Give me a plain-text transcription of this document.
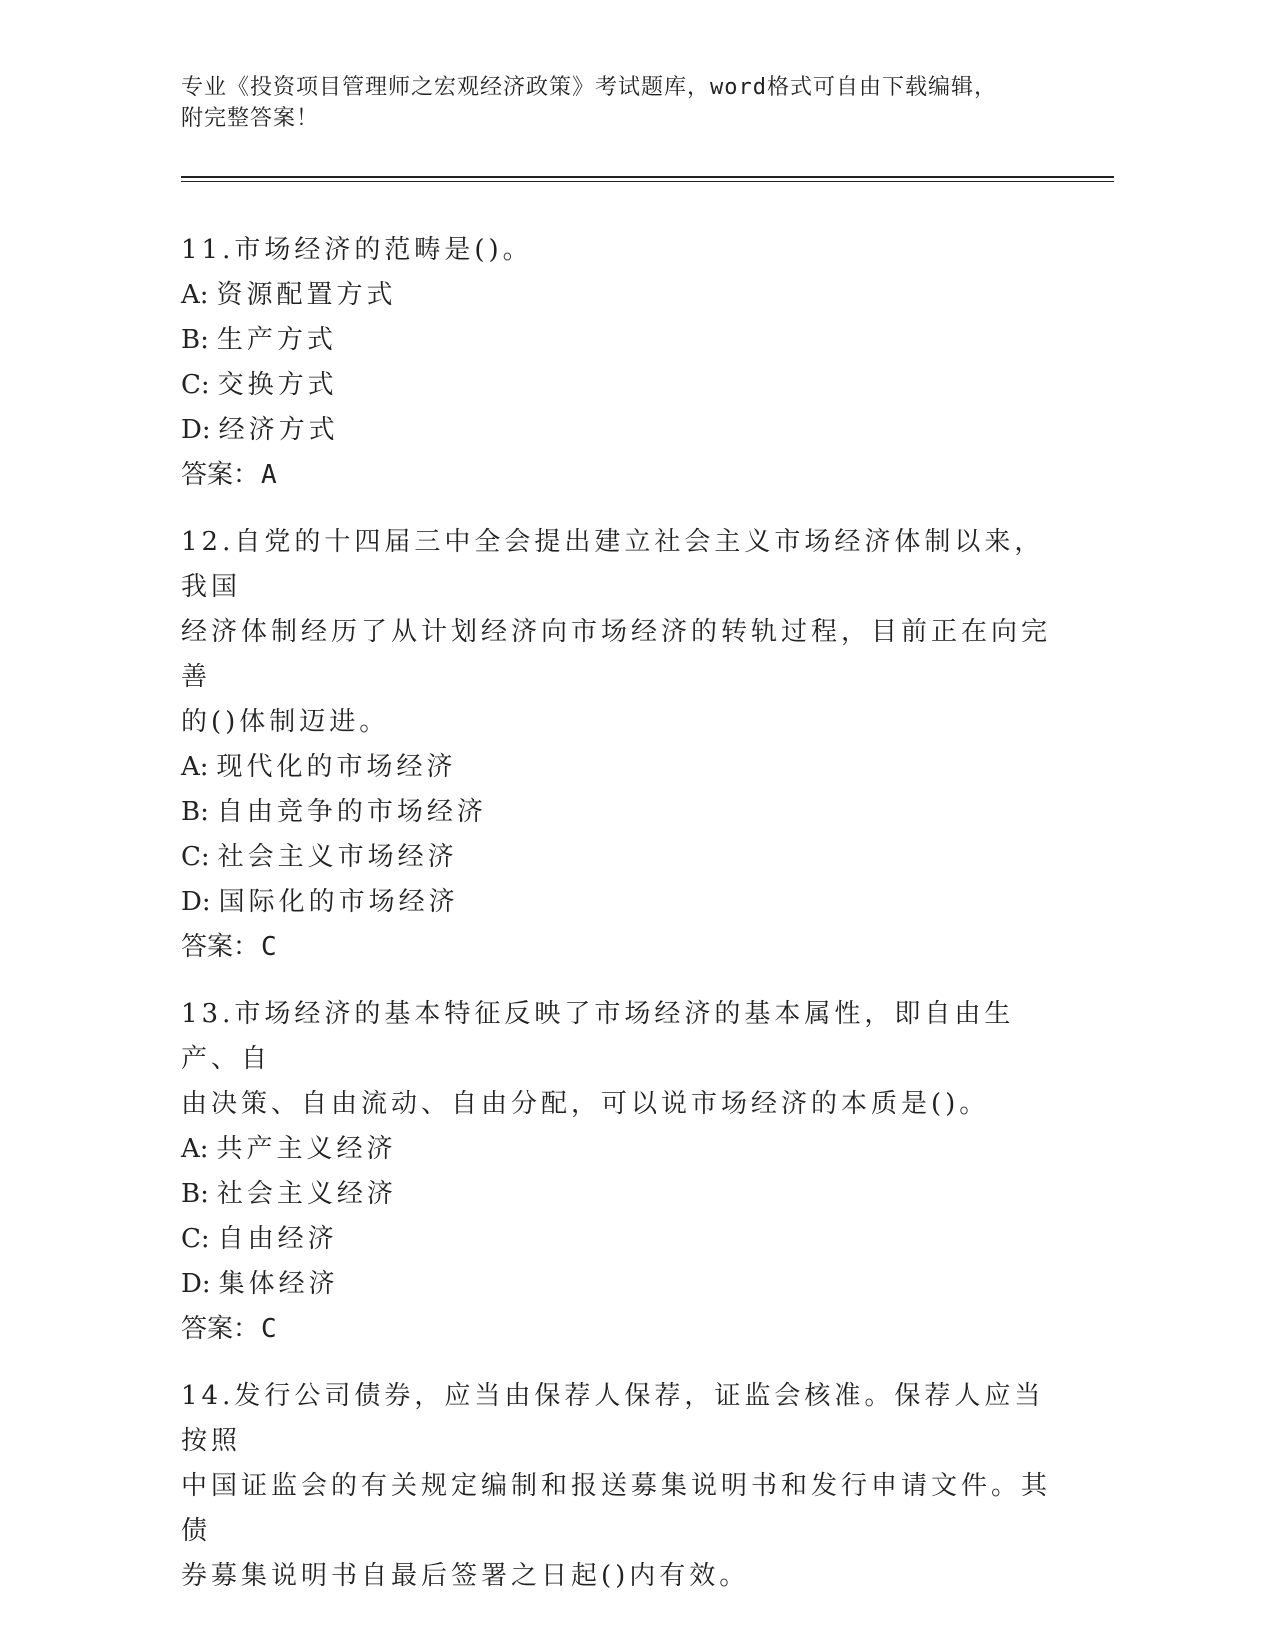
专业《投资项目管理师之宏观经济政策》考试题库，word格式可自由下载编辑，
附完整答案！

11.市场经济的范畴是()。

A: 资源配置方式

B: 生产方式

C: 交换方式

D: 经济方式

答案：A

12.自党的十四届三中全会提出建立社会主义市场经济体制以来，我国

经济体制经历了从计划经济向市场经济的转轨过程，目前正在向完善

的()体制迈进。

A: 现代化的市场经济

B: 自由竞争的市场经济

C: 社会主义市场经济

D: 国际化的市场经济

答案：C

13.市场经济的基本特征反映了市场经济的基本属性，即自由生产、自

由决策、自由流动、自由分配，可以说市场经济的本质是()。

A: 共产主义经济

B: 社会主义经济

C: 自由经济

D: 集体经济

答案：C

14.发行公司债券，应当由保荐人保荐，证监会核准。保荐人应当按照

中国证监会的有关规定编制和报送募集说明书和发行申请文件。其债

券募集说明书自最后签署之日起()内有效。
